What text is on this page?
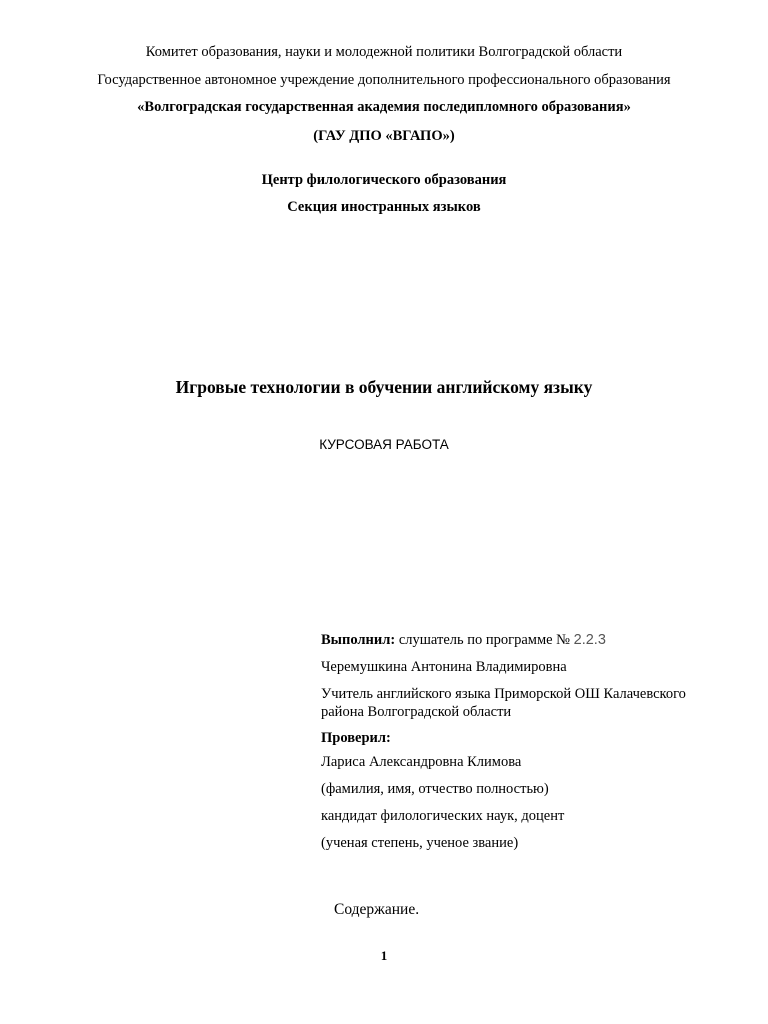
Комитет образования, науки и молодежной политики Волгоградской области
Государственное автономное учреждение дополнительного профессионального образования
«Волгоградская государственная академия последипломного образования»
(ГАУ ДПО «ВГАПО»)
Центр филологического образования
Секция иностранных языков
Игровые технологии в обучении английскому языку
КУРСОВАЯ РАБОТА
Выполнил: слушатель по программе № 2.2.3
Черемушкина Антонина Владимировна
Учитель английского языка Приморской ОШ Калачевского района Волгоградской области
Проверил:
Лариса Александровна Климова
(фамилия, имя, отчество полностью)
кандидат филологических наук, доцент
(ученая степень, ученое звание)
Содержание.
1
